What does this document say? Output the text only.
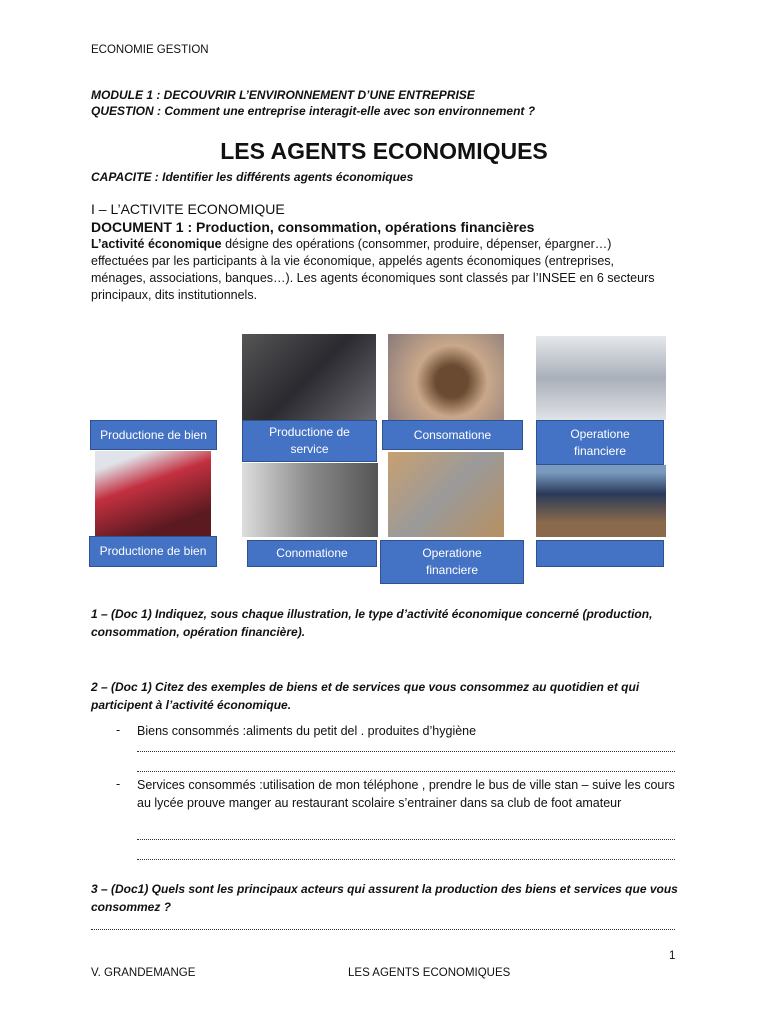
ECONOMIE GESTION
MODULE 1 : DECOUVRIR L’ENVIRONNEMENT D’UNE ENTREPRISE
QUESTION : Comment une entreprise interagit-elle avec son environnement ?
LES AGENTS ECONOMIQUES
CAPACITE : Identifier les différents agents économiques
I – L’ACTIVITE ECONOMIQUE
DOCUMENT 1 : Production, consommation, opérations financières
L’activité économique désigne des opérations (consommer, produire, dépenser, épargner…) effectuées par les participants à la vie économique, appelés agents économiques (entreprises, ménages, associations, banques…). Les agents économiques sont classés par l’INSEE en 6 secteurs principaux, dits institutionnels.
Productione de bien	Productione de service
Consomatione	Operatione financiere
Productione de bien	Conomatione	Operatione financiere
1 – (Doc 1) Indiquez, sous chaque illustration, le type d’activité économique concerné (production, consommation, opération financière).
2 – (Doc 1) Citez des exemples de biens et de services que vous consommez au quotidien et qui participent à l’activité économique.
- Biens consommés :aliments du petit del . produites d’hygiène
- Services consommés :utilisation de mon téléphone , prendre le bus de ville stan – suive les cours au lycée prouve manger au restaurant scolaire s’entrainer dans sa club de foot amateur
3 – (Doc1) Quels sont les principaux acteurs qui assurent la production des biens et services que vous consommez ?
1
V. GRANDEMANGE	LES AGENTS ECONOMIQUES
